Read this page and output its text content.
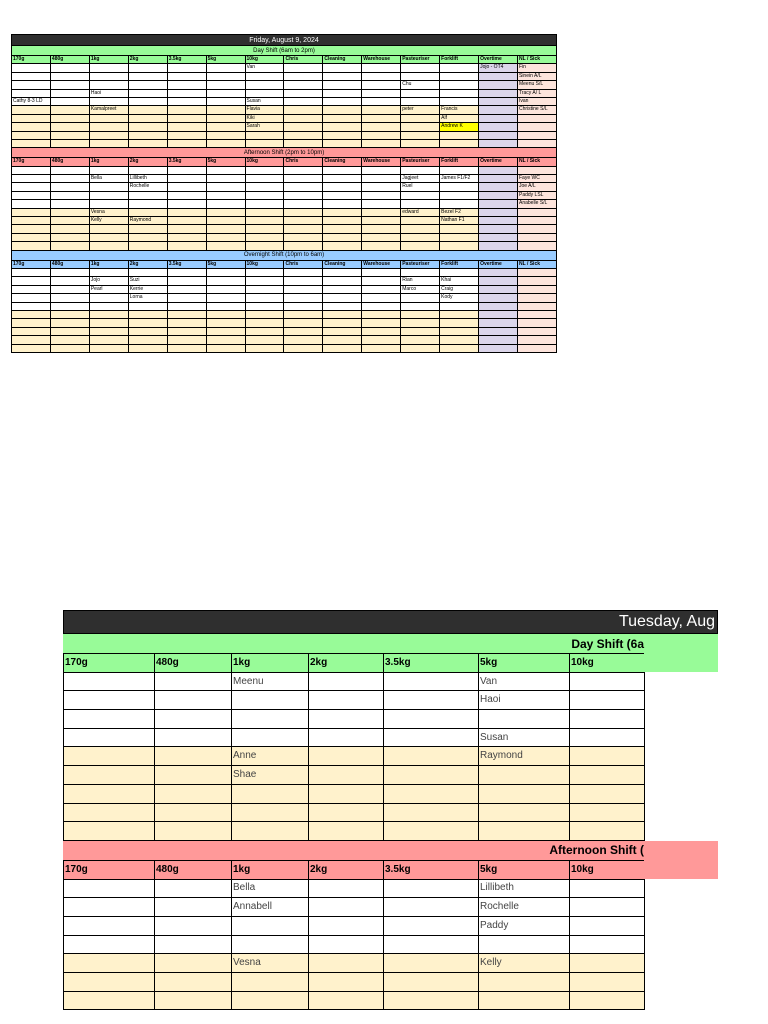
Friday, August 9, 2024
Day Shift (6am to 2pm)
170g	480g	1kg	2kg	3.5kg	5kg	10kg	Chris	Cleaning	Warehouse	Pasteuriser	Forklift	Overtime	NL / Sick
						Van						Jojo - OT4	Fin
													Sinein A/L
										Chu			Meenu S/L
		Haoi											Tracy A/ L
Cathy 8-3 LD						Susan							Ivan
		Kamalpreet				Flavia				peter	Francis		Christine S/L
						Kiki					Alf		
						Sarah					Andrew K		

Afternoon Shift (2pm to 10pm)
170g	480g	1kg	2kg	3.5kg	5kg	10kg	Chris	Cleaning	Warehouse	Pasteuriser	Forklift	Overtime	NL / Sick

		Bella	Lillibeth							Jagjeet	James F1/F2		Faye WC
			Rochelle							Ruel			Joe A/L
													Paddy LSL
													Anabelle S/L
		Vesna								edward	Bezel F2		
		Kelly	Raymond								Nathan F1		

Overnight Shift (10pm to 6am)
170g	480g	1kg	2kg	3.5kg	5kg	10kg	Chris	Cleaning	Warehouse	Pasteuriser	Forklift	Overtime	NL / Sick

		Jojo	Suzi							Rian	Khai		
		Pearl	Kerrie							Marco	Craig		
			Lorna								Kody		

Tuesday, Aug
Day Shift (6a
170g	480g	1kg	2kg	3.5kg	5kg	10kg
		Meenu			Van	
					Haoi	

					Susan	
		Anne			Raymond	
		Shae				

Afternoon Shift (
170g	480g	1kg	2kg	3.5kg	5kg	10kg
		Bella			Lillibeth	
		Annabell			Rochelle	
					Paddy	

		Vesna			Kelly	
